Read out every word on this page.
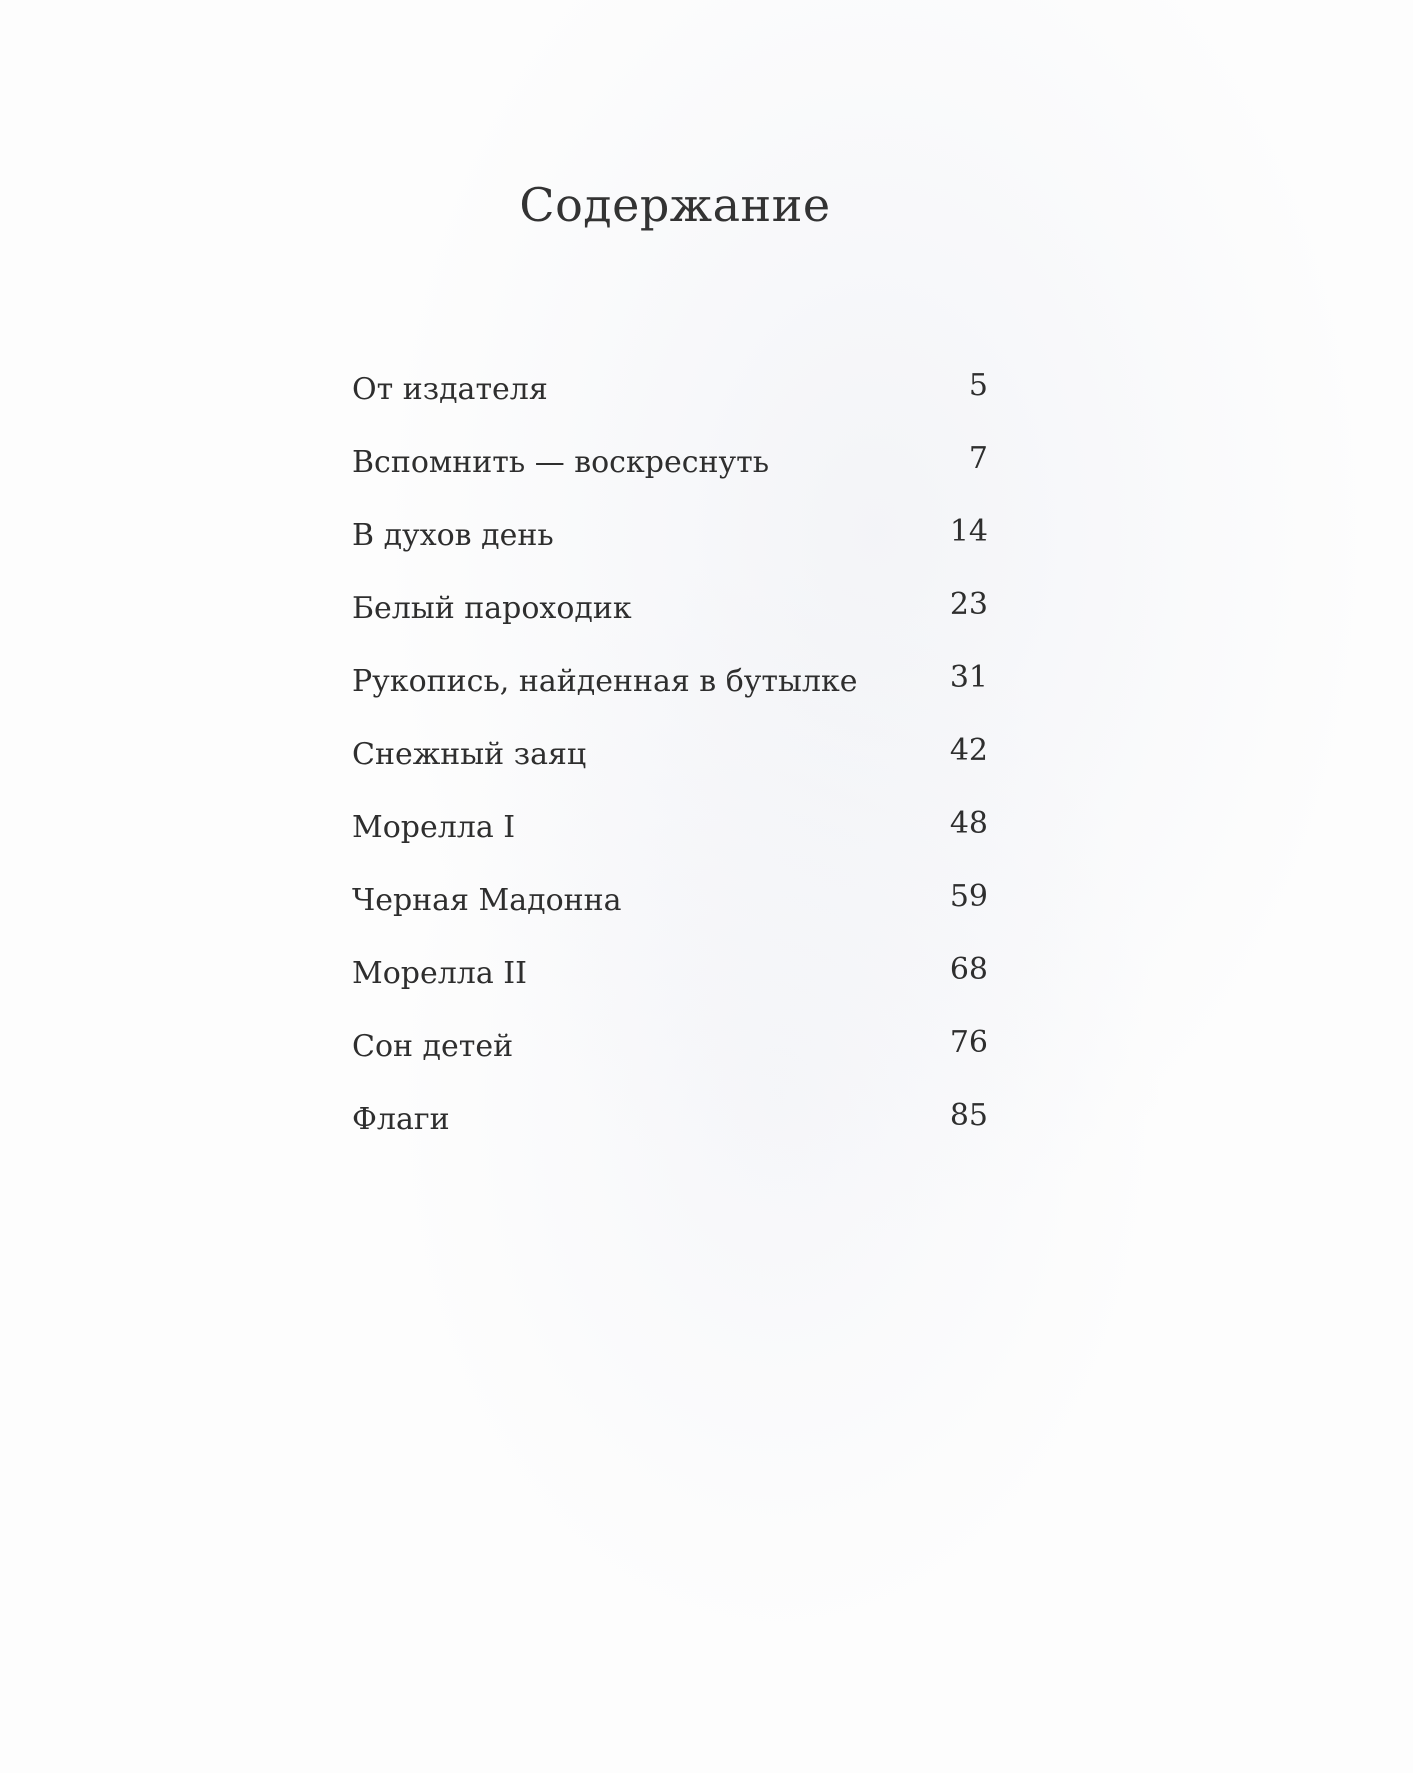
Содержание
От издателя	5
Вспомнить — воскреснуть	7
В духов день	14
Белый пароходик	23
Рукопись, найденная в бутылке	31
Снежный заяц	42
Морелла I	48
Черная Мадонна	59
Морелла II	68
Сон детей	76
Флаги	85
